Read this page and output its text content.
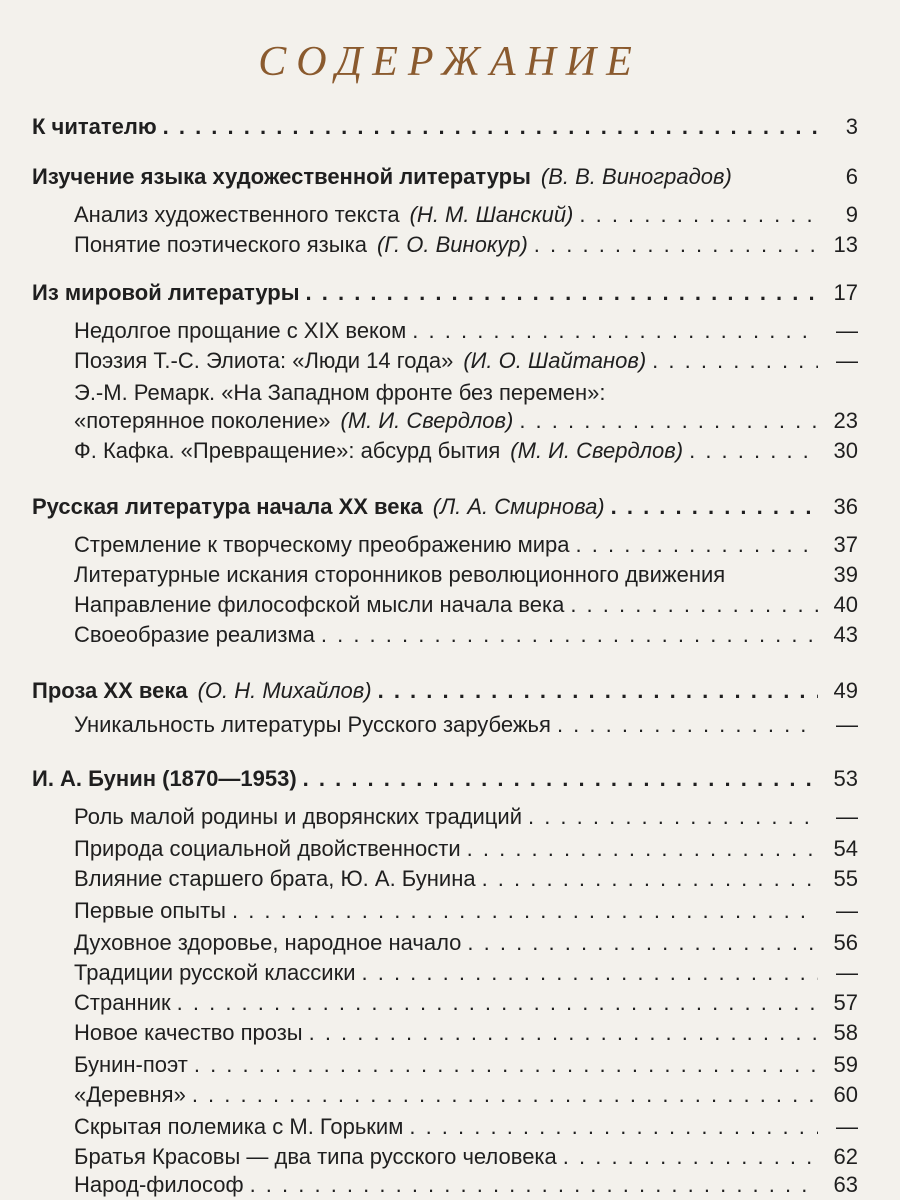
СОДЕРЖАНИЕ
К читателю . . .	3
Изучение языка художественной литературы (В. В. Виноградов)	6
Анализ художественного текста (Н. М. Шанский) . . .	9
Понятие поэтического языка (Г. О. Винокур) . . .	13
Из мировой литературы . . .	17
Недолгое прощание с XIX веком . . .	—
Поэзия Т.-С. Элиота: «Люди 14 года» (И. О. Шайтанов) . . .	—
Э.-М. Ремарк. «На Западном фронте без перемен»:
«потерянное поколение» (М. И. Свердлов) . . .	23
Ф. Кафка. «Превращение»: абсурд бытия (М. И. Свердлов) . . .	30
Русская литература начала XX века (Л. А. Смирнова) . . .	36
Стремление к творческому преображению мира . . .	37
Литературные искания сторонников революционного движения	39
Направление философской мысли начала века . . .	40
Своеобразие реализма . . .	43
Проза XX века (О. Н. Михайлов) . . .	49
Уникальность литературы Русского зарубежья . . .	—
И. А. Бунин (1870—1953) . . .	53
Роль малой родины и дворянских традиций . . .	—
Природа социальной двойственности . . .	54
Влияние старшего брата, Ю. А. Бунина . . .	55
Первые опыты . . .	—
Духовное здоровье, народное начало . . .	56
Традиции русской классики . . .	—
Странник . . .	57
Новое качество прозы . . .	58
Бунин-поэт . . .	59
«Деревня» . . .	60
Скрытая полемика с М. Горьким . . .	—
Братья Красовы — два типа русского человека . . .	62
Народ-философ . . .	63
